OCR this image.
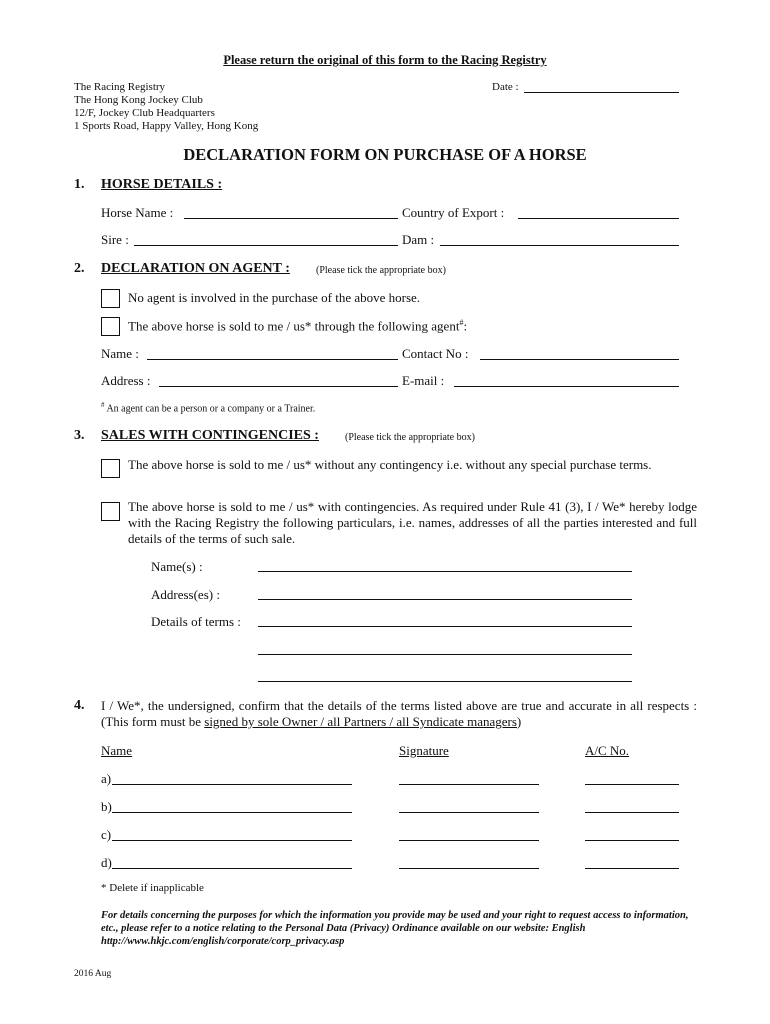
Please return the original of this form to the Racing Registry
The Racing Registry
The Hong Kong Jockey Club
12/F, Jockey Club Headquarters
1 Sports Road, Happy Valley, Hong Kong
Date :
DECLARATION FORM ON PURCHASE OF A HORSE
1. HORSE DETAILS :
Horse Name :	Country of Export :
Sire :	Dam :
2. DECLARATION ON AGENT :	(Please tick the appropriate box)
No agent is involved in the purchase of the above horse.
The above horse is sold to me / us* through the following agent#:
Name :	Contact No :
Address :	E-mail :
# An agent can be a person or a company or a Trainer.
3. SALES WITH CONTINGENCIES :	(Please tick the appropriate box)
The above horse is sold to me / us* without any contingency i.e. without any special purchase terms.
The above horse is sold to me / us* with contingencies. As required under Rule 41 (3), I / We* hereby lodge with the Racing Registry the following particulars, i.e. names, addresses of all the parties interested and full details of the terms of such sale.
Name(s) :
Address(es) :
Details of terms :
4. I / We*, the undersigned, confirm that the details of the terms listed above are true and accurate in all respects : (This form must be signed by sole Owner / all Partners / all Syndicate managers)
Name	Signature	A/C No.
a)
b)
c)
d)
* Delete if inapplicable
For details concerning the purposes for which the information you provide may be used and your right to request access to information, etc., please refer to a notice relating to the Personal Data (Privacy) Ordinance available on our website: English http://www.hkjc.com/english/corporate/corp_privacy.asp
2016 Aug
